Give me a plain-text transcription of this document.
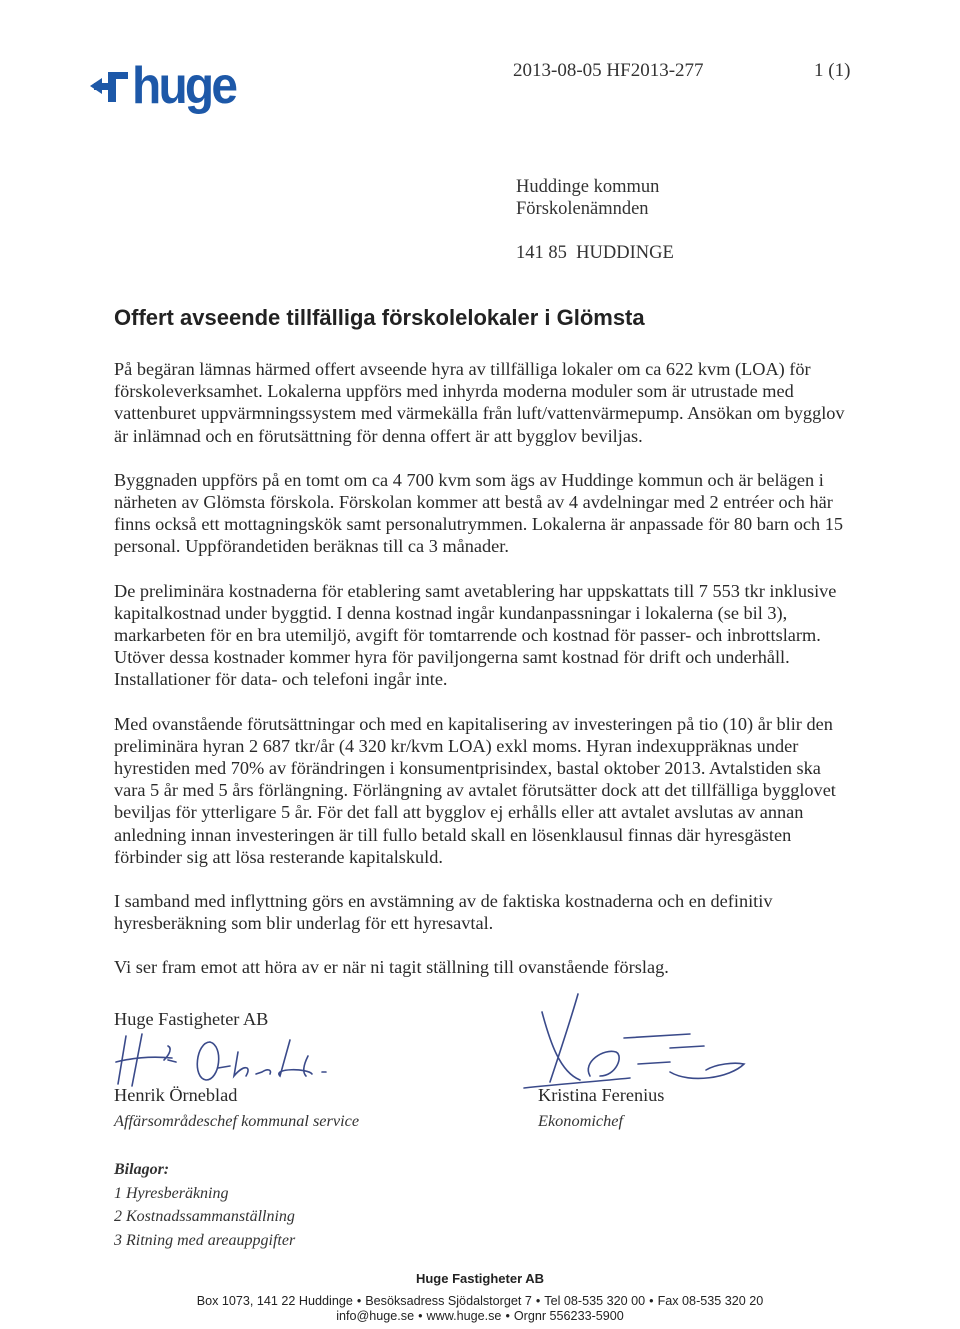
huge	2013-08-05 HF2013-277	1 (1)
Huddinge kommun
Förskolenämnden
141 85  HUDDINGE
Offert avseende tillfälliga förskolelokaler i Glömsta

På begäran lämnas härmed offert avseende hyra av tillfälliga lokaler om ca 622 kvm (LOA) för förskoleverksamhet. Lokalerna uppförs med inhyrda moderna moduler som är utrustade med vattenburet uppvärmningssystem med värmekälla från luft/vattenvärmepump. Ansökan om bygglov är inlämnad och en förutsättning för denna offert är att bygglov beviljas.

Byggnaden uppförs på en tomt om ca 4 700 kvm som ägs av Huddinge kommun och är belägen i närheten av Glömsta förskola. Förskolan kommer att bestå av 4 avdelningar med 2 entréer och här finns också ett mottagningskök samt personalutrymmen. Lokalerna är anpassade för 80 barn och 15 personal. Uppförandetiden beräknas till ca 3 månader.

De preliminära kostnaderna för etablering samt avetablering har uppskattats till 7 553 tkr inklusive kapitalkostnad under byggtid. I denna kostnad ingår kundanpassningar i lokalerna (se bil 3), markarbeten för en bra utemiljö, avgift för tomtarrende och kostnad för passer- och inbrottslarm. Utöver dessa kostnader kommer hyra för paviljongerna samt kostnad för drift och underhåll. Installationer för data- och telefoni ingår inte.

Med ovanstående förutsättningar och med en kapitalisering av investeringen på tio (10) år blir den preliminära hyran 2 687 tkr/år (4 320 kr/kvm LOA) exkl moms. Hyran indexuppräknas under hyrestiden med 70% av förändringen i konsumentprisindex, bastal oktober 2013. Avtalstiden ska vara 5 år med 5 års förlängning. Förlängning av avtalet förutsätter dock att det tillfälliga bygglovet beviljas för ytterligare 5 år. För det fall att bygglov ej erhålls eller att avtalet avslutas av annan anledning innan investeringen är till fullo betald skall en lösenklausul finnas där hyresgästen förbinder sig att lösa resterande kapitalskuld.

I samband med inflyttning görs en avstämning av de faktiska kostnaderna och en definitiv hyresberäkning som blir underlag för ett hyresavtal.

Vi ser fram emot att höra av er när ni tagit ställning till ovanstående förslag.

Huge Fastigheter AB
Henrik Örneblad
Affärsområdeschef kommunal service
Kristina Ferenius
Ekonomichef
Bilagor:
1 Hyresberäkning
2 Kostnadssammanställning
3 Ritning med areauppgifter
Huge Fastigheter AB
Box 1073, 141 22 Huddinge • Besöksadress Sjödalstorget 7 • Tel 08-535 320 00 • Fax 08-535 320 20
info@huge.se • www.huge.se • Orgnr 556233-5900
